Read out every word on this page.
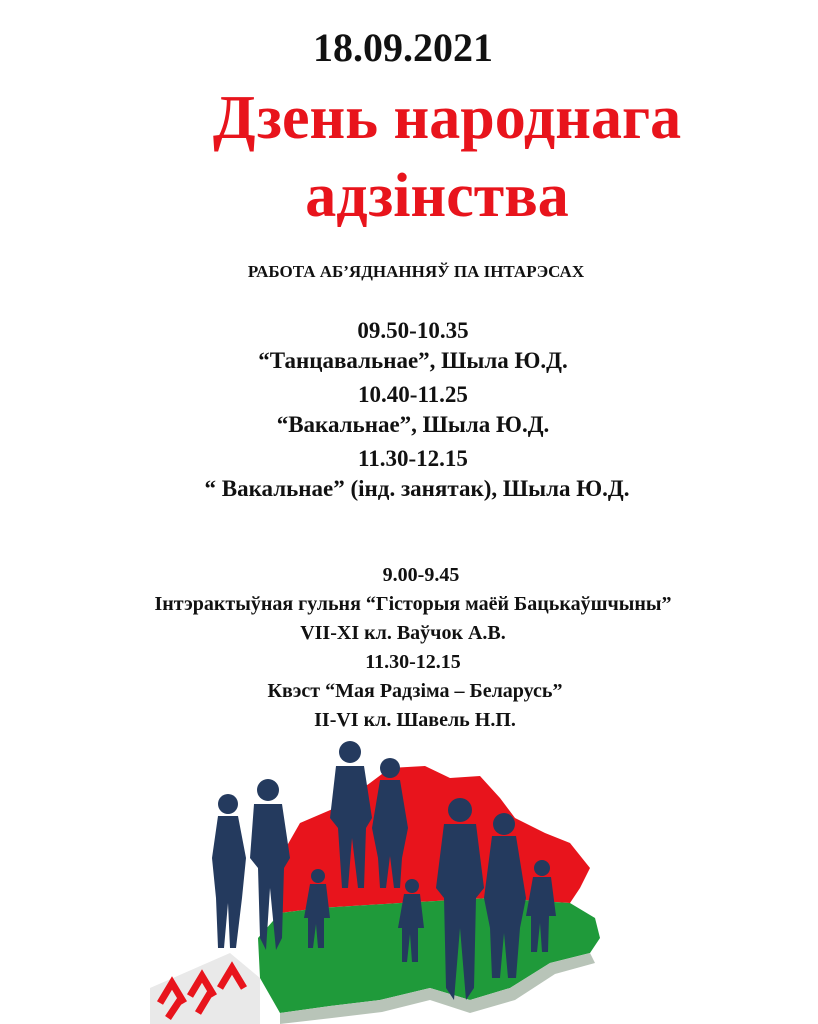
18.09.2021
Дзень народнага
адзінства
РАБОТА АБ’ЯДНАННЯЎ ПА ІНТАРЭСАХ
09.50-10.35
“Танцавальнае”, Шыла Ю.Д.
10.40-11.25
“Вакальнае”, Шыла Ю.Д.
11.30-12.15
“ Вакальнае” (інд. занятак), Шыла Ю.Д.
9.00-9.45
Інтэрактыўная гульня “Гісторыя маёй Бацькаўшчыны”
VII-XI кл. Ваўчок А.В.
11.30-12.15
Квэст “Мая Радзіма – Беларусь”
II-VI кл. Шавель Н.П.
